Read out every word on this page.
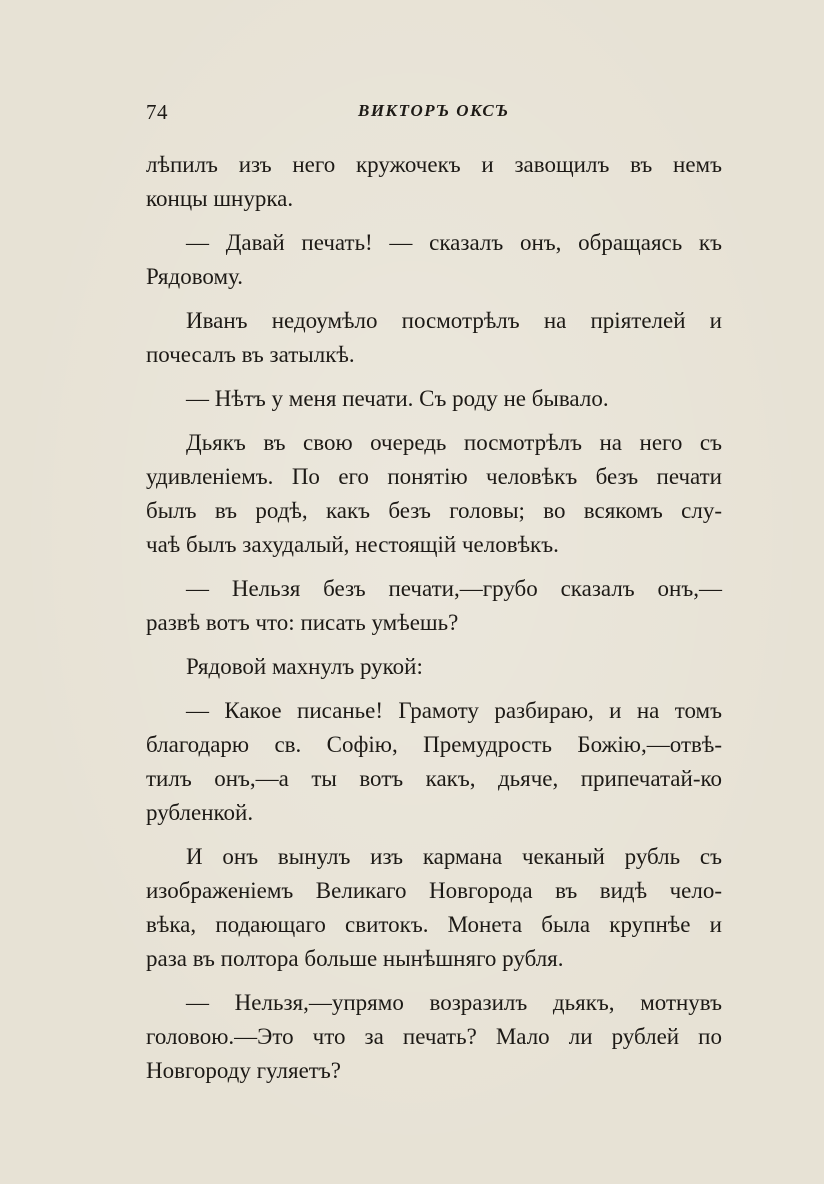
74	ВИКТОРЪ ОКСЪ
лѣпилъ изъ него кружочекъ и завощилъ въ немъ
концы шнурка.
— Давай печать! — сказалъ онъ, обращаясь къ
Рядовому.
Иванъ недоумѣло посмотрѣлъ на пріятелей и
почесалъ въ затылкѣ.
— Нѣтъ у меня печати. Съ роду не бывало.
Дьякъ въ свою очередь посмотрѣлъ на него съ
удивленіемъ. По его понятію человѣкъ безъ печати
былъ въ родѣ, какъ безъ головы; во всякомъ слу-
чаѣ былъ захудалый, нестоящій человѣкъ.
— Нельзя безъ печати,—грубо сказалъ онъ,—
развѣ вотъ что: писать умѣешь?
Рядовой махнулъ рукой:
— Какое писанье! Грамоту разбираю, и на томъ
благодарю св. Софію, Премудрость Божію,—отвѣ-
тилъ онъ,—а ты вотъ какъ, дьяче, припечатай-ко
рубленкой.
И онъ вынулъ изъ кармана чеканый рубль съ
изображеніемъ Великаго Новгорода въ видѣ чело-
вѣка, подающаго свитокъ. Монета была крупнѣе и
раза въ полтора больше нынѣшняго рубля.
— Нельзя,—упрямо возразилъ дьякъ, мотнувъ
головою.—Это что за печать? Мало ли рублей по
Новгороду гуляетъ?
